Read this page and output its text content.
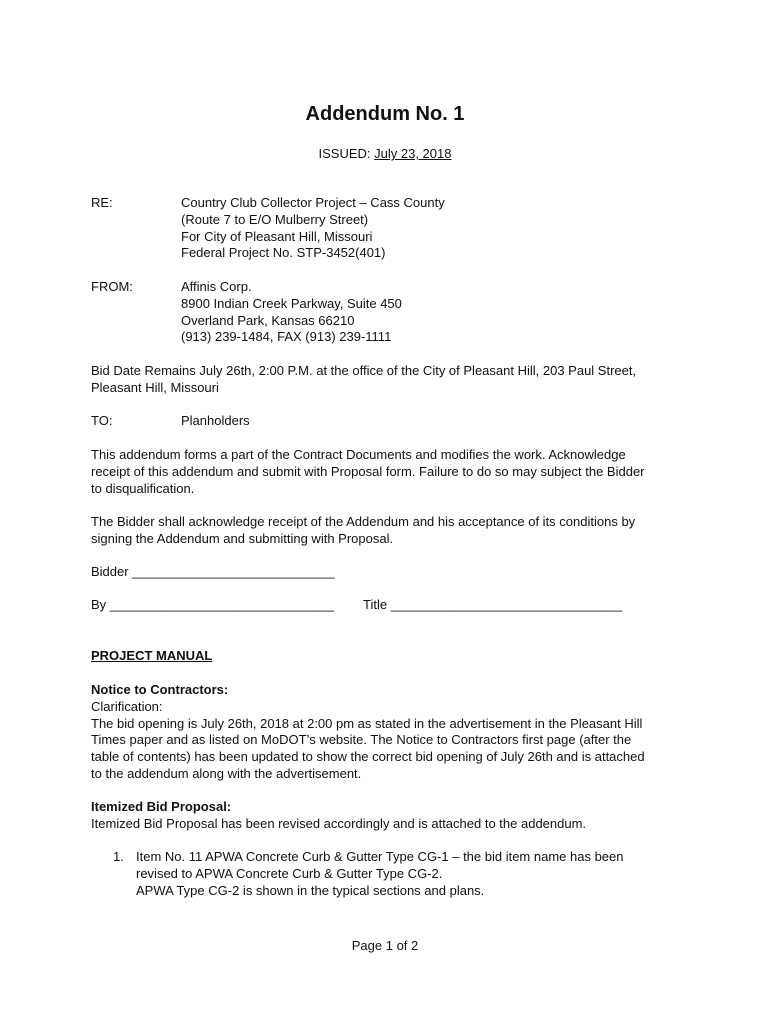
Addendum No. 1
ISSUED: July 23, 2018
RE:	Country Club Collector Project – Cass County
(Route 7 to E/O Mulberry Street)
For City of Pleasant Hill, Missouri
Federal Project No. STP-3452(401)
FROM:	Affinis Corp.
8900 Indian Creek Parkway, Suite 450
Overland Park, Kansas 66210
(913) 239-1484, FAX (913) 239-1111
Bid Date Remains July 26th, 2:00 P.M. at the office of the City of Pleasant Hill, 203 Paul Street,
Pleasant Hill, Missouri
TO:	Planholders
This addendum forms a part of the Contract Documents and modifies the work. Acknowledge
receipt of this addendum and submit with Proposal form. Failure to do so may subject the Bidder
to disqualification.
The Bidder shall acknowledge receipt of the Addendum and his acceptance of its conditions by
signing the Addendum and submitting with Proposal.
Bidder ____________________________
By _______________________________ Title ________________________________
PROJECT MANUAL
Notice to Contractors:
Clarification:
The bid opening is July 26th, 2018 at 2:00 pm as stated in the advertisement in the Pleasant Hill
Times paper and as listed on MoDOT’s website. The Notice to Contractors first page (after the
table of contents) has been updated to show the correct bid opening of July 26th and is attached
to the addendum along with the advertisement.
Itemized Bid Proposal:
Itemized Bid Proposal has been revised accordingly and is attached to the addendum.
1. Item No. 11 APWA Concrete Curb & Gutter Type CG-1 – the bid item name has been
revised to APWA Concrete Curb & Gutter Type CG-2.
APWA Type CG-2 is shown in the typical sections and plans.
Page 1 of 2
